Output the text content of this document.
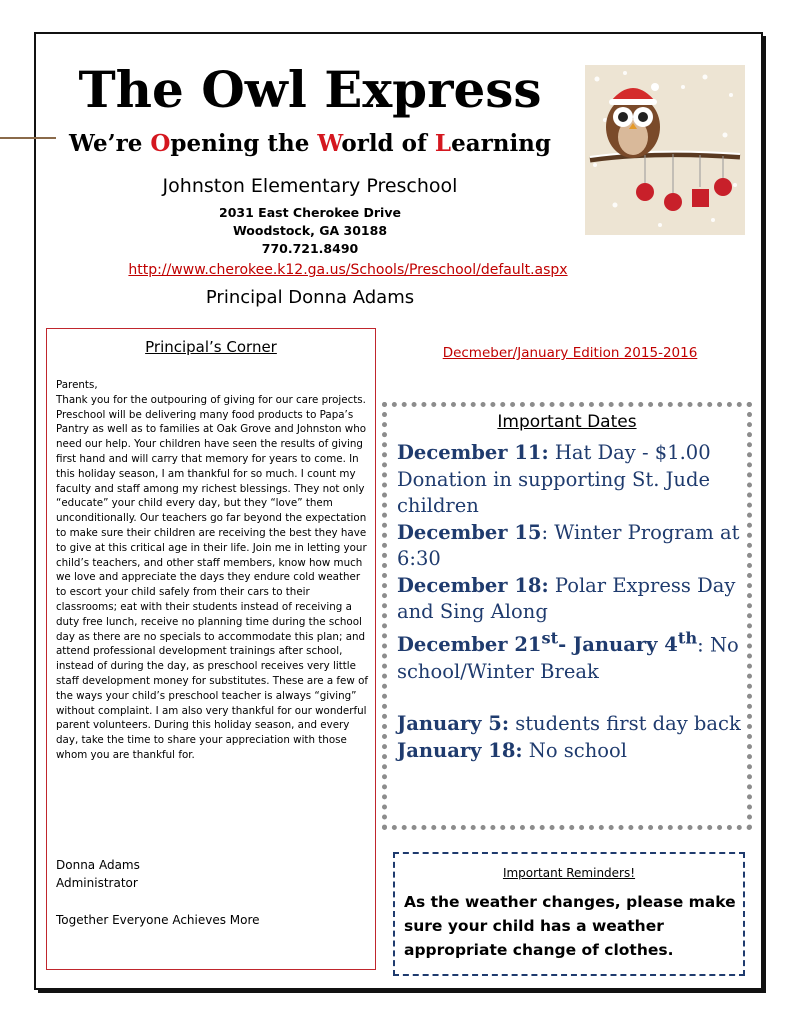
The Owl Express
We’re Opening the World of Learning
Johnston Elementary Preschool
2031 East Cherokee Drive
Woodstock, GA 30188
770.721.8490
http://www.cherokee.k12.ga.us/Schools/Preschool/default.aspx
Principal Donna Adams
Principal’s Corner
Parents,
Thank you for the outpouring of giving for our care projects. Preschool will be delivering many food products to Papa’s Pantry as well as to families at Oak Grove and Johnston who need our help. Your children have seen the results of giving first hand and will carry that memory for years to come. In this holiday season, I am thankful for so much. I count my faculty and staff among my richest blessings. They not only “educate” your child every day, but they “love” them unconditionally. Our teachers go far beyond the expectation to make sure their children are receiving the best they have to give at this critical age in their life. Join me in letting your child’s teachers, and other staff members, know how much we love and appreciate the days they endure cold weather to escort your child safely from their cars to their classrooms; eat with their students instead of receiving a duty free lunch, receive no planning time during the school day as there are no specials to accommodate this plan; and attend professional development trainings after school, instead of during the day, as preschool receives very little staff development money for substitutes. These are a few of the ways your child’s preschool teacher is always “giving” without complaint. I am also very thankful for our wonderful parent volunteers. During this holiday season, and every day, take the time to share your appreciation with those whom you are thankful for.
Donna Adams
Administrator
Together Everyone Achieves More
Decmeber/January Edition 2015-2016
Important Dates

December 11: Hat Day - $1.00 Donation in supporting St. Jude children

December 15: Winter Program at 6:30

December 18: Polar Express Day and Sing Along

December 21st- January 4th: No school/Winter Break

January 5: students first day back

January 18: No school

Important Reminders!
As the weather changes, please make sure your child has a weather appropriate change of clothes.
